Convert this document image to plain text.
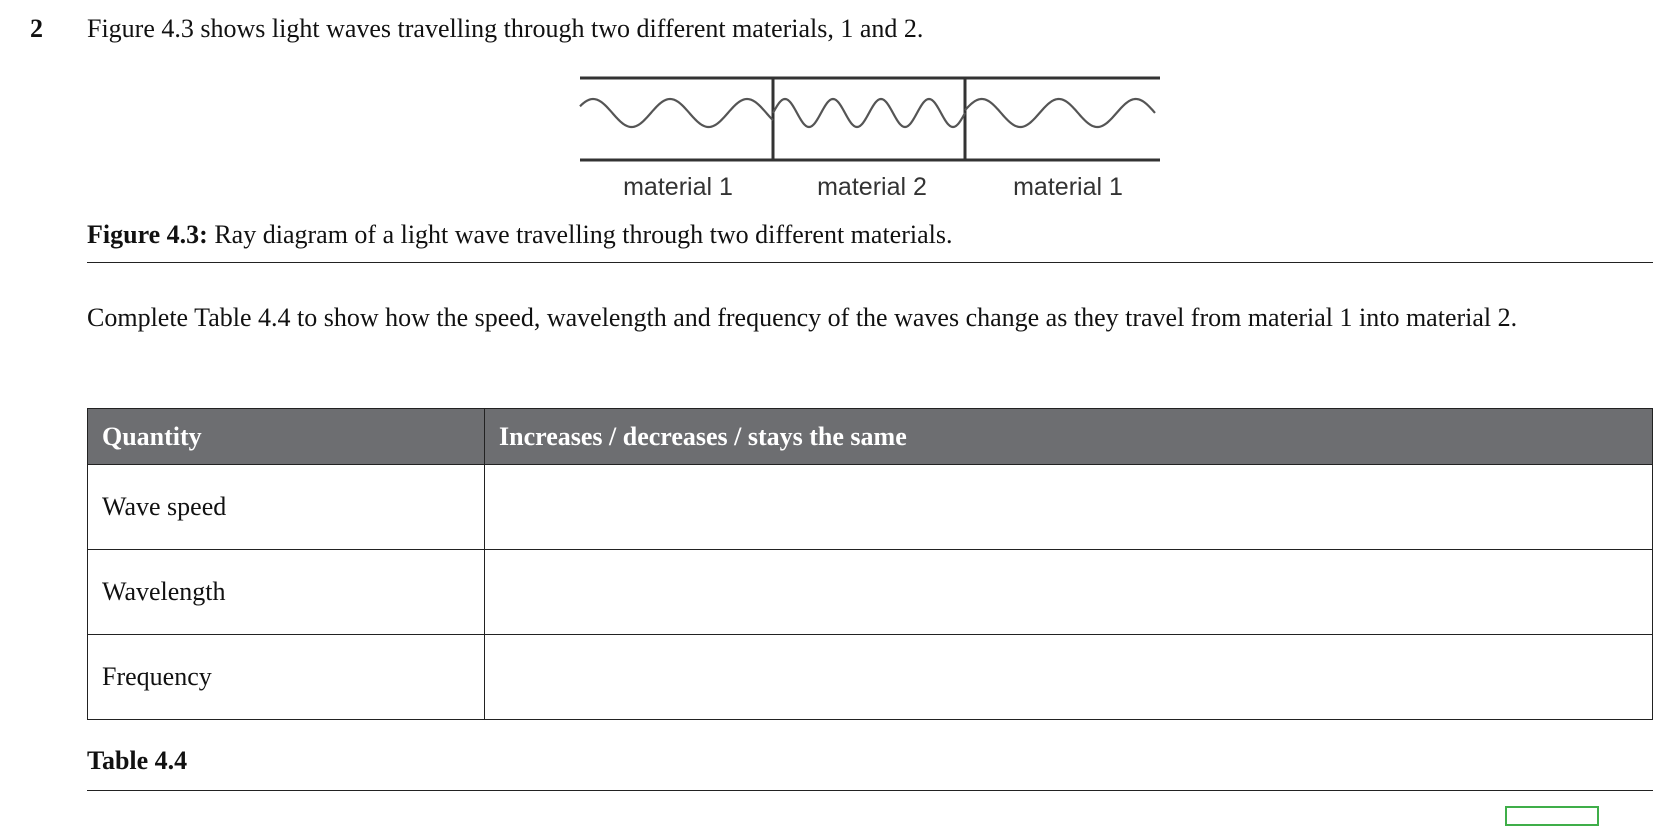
2 Figure 4.3 shows light waves travelling through two different materials, 1 and 2.
material 1	material 2	material 1
Figure 4.3: Ray diagram of a light wave travelling through two different materials.
Complete Table 4.4 to show how the speed, wavelength and frequency of the waves change as they travel from material 1 into material 2.
Quantity	Increases / decreases / stays the same
Wave speed	
Wavelength	
Frequency	
Table 4.4
